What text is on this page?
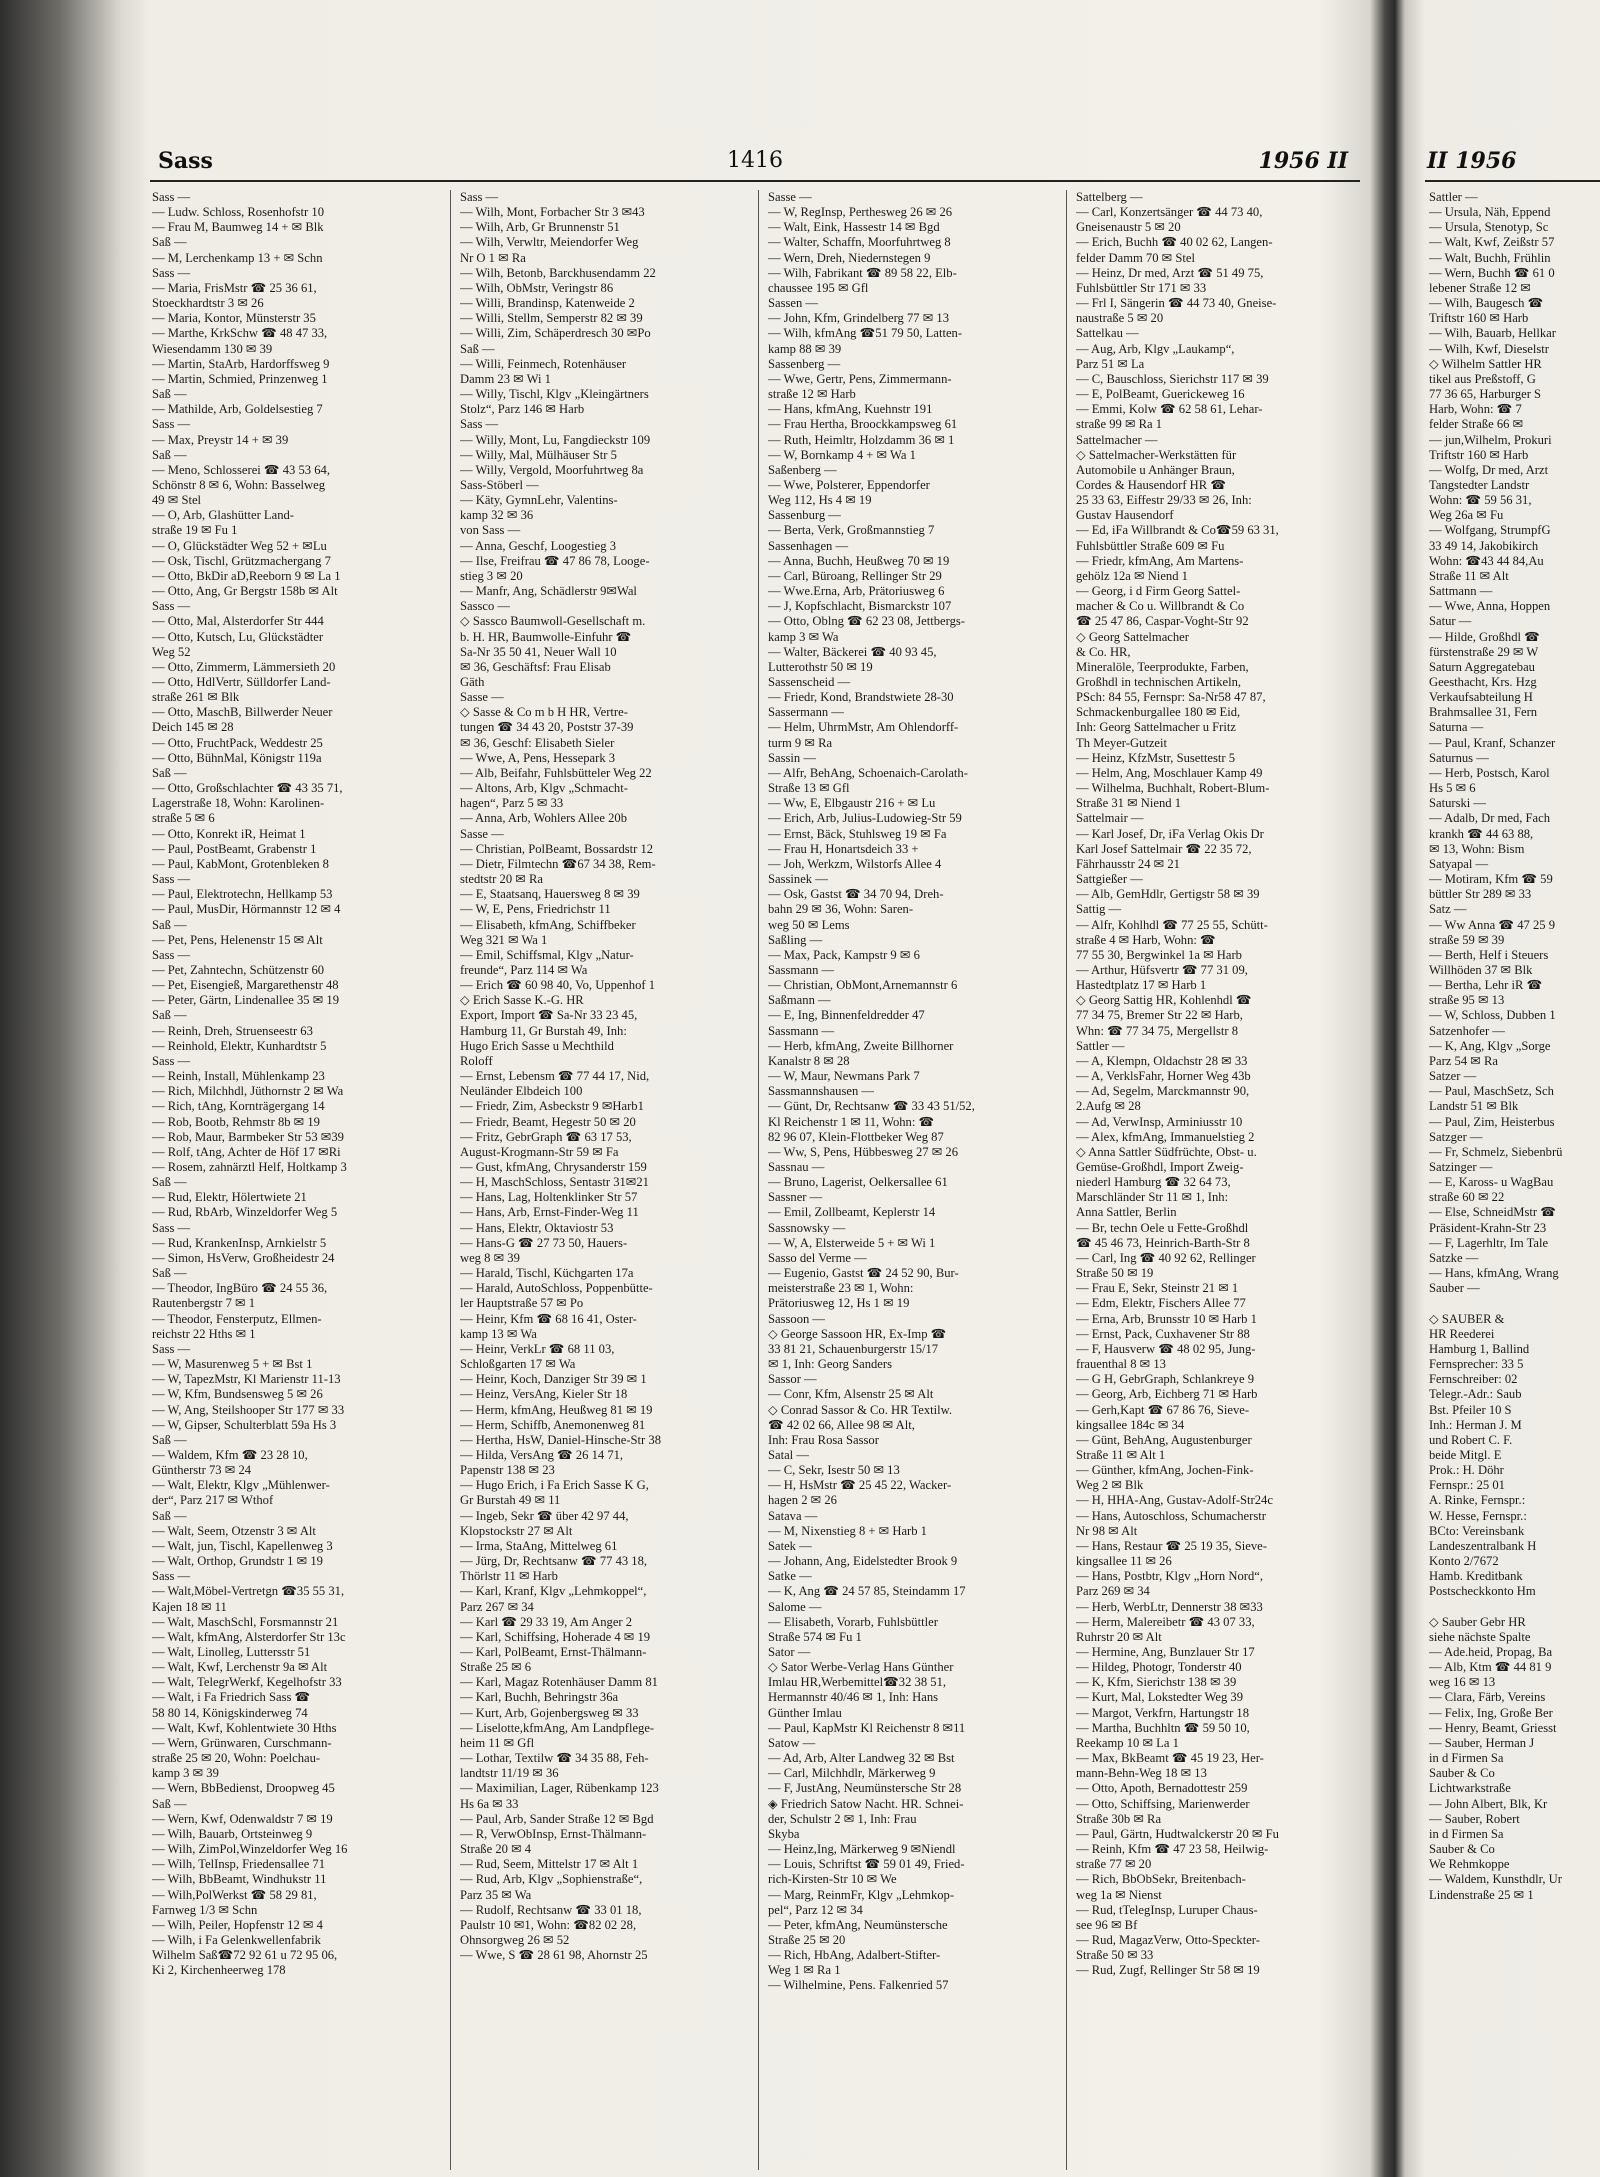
Sass	1416	1956 II
Sass —
— Ludw. Schloss, Rosenhofstr 10
— Frau M, Baumweg 14 + ✉ Blk
Saß —
— M, Lerchenkamp 13 + ✉ Schn
Sass —
— Maria, FrisMstr ☎ 25 36 61,
Stoeckhardtstr 3 ✉ 26
— Maria, Kontor, Münsterstr 35
— Marthe, KrkSchw ☎ 48 47 33,
Wiesendamm 130 ✉ 39
— Martin, StaArb, Hardorffsweg 9
— Martin, Schmied, Prinzenweg 1
Saß —
— Mathilde, Arb, Goldelsestieg 7
Sass —
— Max, Preystr 14 + ✉ 39
Saß —
— Meno, Schlosserei ☎ 43 53 64,
Schönstr 8 ✉ 6, Wohn: Basselweg
49 ✉ Stel
— O, Arb, Glashütter Land-
straße 19 ✉ Fu 1
— O, Glückstädter Weg 52 + ✉Lu
— Osk, Tischl, Grützmachergang 7
— Otto, BkDir aD,Reeborn 9 ✉ La 1
— Otto, Ang, Gr Bergstr 158b ✉ Alt
Sass —
— Otto, Mal, Alsterdorfer Str 444
— Otto, Kutsch, Lu, Glückstädter
Weg 52
— Otto, Zimmerm, Lämmersieth 20
— Otto, HdlVertr, Sülldorfer Land-
straße 261 ✉ Blk
— Otto, MaschB, Billwerder Neuer
Deich 145 ✉ 28
— Otto, FruchtPack, Weddestr 25
— Otto, BühnMal, Königstr 119a
Saß —
— Otto, Großschlachter ☎ 43 35 71,
Lagerstraße 18, Wohn: Karolinen-
straße 5 ✉ 6
— Otto, Konrekt iR, Heimat 1
— Paul, PostBeamt, Grabenstr 1
— Paul, KabMont, Grotenbleken 8
Sass —
— Paul, Elektrotechn, Hellkamp 53
— Paul, MusDir, Hörmannstr 12 ✉ 4
Saß —
— Pet, Pens, Helenenstr 15 ✉ Alt
Sass —
— Pet, Zahntechn, Schützenstr 60
— Pet, Eisengieß, Margarethenstr 48
— Peter, Gärtn, Lindenallee 35 ✉ 19
Saß —
— Reinh, Dreh, Struenseestr 63
— Reinhold, Elektr, Kunhardtstr 5
Sass —
— Reinh, Install, Mühlenkamp 23
— Rich, Milchhdl, Jüthornstr 2 ✉ Wa
— Rich, tAng, Kornträgergang 14
— Rob, Bootb, Rehmstr 8b ✉ 19
— Rob, Maur, Barmbeker Str 53 ✉39
— Rolf, tAng, Achter de Höf 17 ✉Ri
— Rosem, zahnärztl Helf, Holtkamp 3
Saß —
— Rud, Elektr, Hölertwiete 21
— Rud, RbArb, Winzeldorfer Weg 5
Sass —
— Rud, KrankenInsp, Arnkielstr 5
— Simon, HsVerw, Großheidestr 24
Saß —
— Theodor, IngBüro ☎ 24 55 36,
Rautenbergstr 7 ✉ 1
— Theodor, Fensterputz, Ellmen-
reichstr 22 Hths ✉ 1
Sass —
— W, Masurenweg 5 + ✉ Bst 1
— W, TapezMstr, Kl Marienstr 11-13
— W, Kfm, Bundsensweg 5 ✉ 26
— W, Ang, Steilshooper Str 177 ✉ 33
— W, Gipser, Schulterblatt 59a Hs 3
Saß —
— Waldem, Kfm ☎ 23 28 10,
Güntherstr 73 ✉ 24
— Walt, Elektr, Klgv „Mühlenwer-
der“, Parz 217 ✉ Wthof
Saß —
— Walt, Seem, Otzenstr 3 ✉ Alt
— Walt, jun, Tischl, Kapellenweg 3
— Walt, Orthop, Grundstr 1 ✉ 19
Sass —
— Walt,Möbel-Vertretgn ☎35 55 31,
Kajen 18 ✉ 11
— Walt, MaschSchl, Forsmannstr 21
— Walt, kfmAng, Alsterdorfer Str 13c
— Walt, Linolleg, Luttersstr 51
— Walt, Kwf, Lerchenstr 9a ✉ Alt
— Walt, TelegrWerkf, Kegelhofstr 33
— Walt, i Fa Friedrich Sass ☎
58 80 14, Königskinderweg 74
— Walt, Kwf, Kohlentwiete 30 Hths
— Wern, Grünwaren, Curschmann-
straße 25 ✉ 20, Wohn: Poelchau-
kamp 3 ✉ 39
— Wern, BbBedienst, Droopweg 45
Saß —
— Wern, Kwf, Odenwaldstr 7 ✉ 19
— Wilh, Bauarb, Ortsteinweg 9
— Wilh, ZimPol,Winzeldorfer Weg 16
— Wilh, TelInsp, Friedensallee 71
— Wilh, BbBeamt, Windhukstr 11
— Wilh,PolWerkst ☎ 58 29 81,
Farnweg 1/3 ✉ Schn
— Wilh, Peiler, Hopfenstr 12 ✉ 4
— Wilh, i Fa Gelenkwellenfabrik
Wilhelm Saß☎72 92 61 u 72 95 06,
Ki 2, Kirchenheerweg 178
Sass —
— Wilh, Mont, Forbacher Str 3 ✉43
— Wilh, Arb, Gr Brunnenstr 51
— Wilh, Verwltr, Meiendorfer Weg
Nr O 1 ✉ Ra
— Wilh, Betonb, Barckhusendamm 22
— Wilh, ObMstr, Veringstr 86
— Willi, Brandinsp, Katenweide 2
— Willi, Stellm, Semperstr 82 ✉ 39
— Willi, Zim, Schäperdresch 30 ✉Po
Saß —
— Willi, Feinmech, Rotenhäuser
Damm 23 ✉ Wi 1
— Willy, Tischl, Klgv „Kleingärtners
Stolz“, Parz 146 ✉ Harb
Sass —
— Willy, Mont, Lu, Fangdieckstr 109
— Willy, Mal, Mülhäuser Str 5
— Willy, Vergold, Moorfuhrtweg 8a
Sass-Stöberl —
— Käty, GymnLehr, Valentins-
kamp 32 ✉ 36
von Sass —
— Anna, Geschf, Loogestieg 3
— Ilse, Freifrau ☎ 47 86 78, Looge-
stieg 3 ✉ 20
— Manfr, Ang, Schädlerstr 9✉Wal
Sassco —
◇ Sassco Baumwoll-Gesellschaft m.
b. H. HR, Baumwolle-Einfuhr ☎
Sa-Nr 35 50 41, Neuer Wall 10
✉ 36, Geschäftsf: Frau Elisab
Gäth
Sasse —
◇ Sasse & Co m b H HR, Vertre-
tungen ☎ 34 43 20, Poststr 37-39
✉ 36, Geschf: Elisabeth Sieler
— Wwe, A, Pens, Hessepark 3
— Alb, Beifahr, Fuhlsbütteler Weg 22
— Altons, Arb, Klgv „Schmacht-
hagen“, Parz 5 ✉ 33
— Anna, Arb, Wohlers Allee 20b
Sasse —
— Christian, PolBeamt, Bossardstr 12
— Dietr, Filmtechn ☎67 34 38, Rem-
stedtstr 20 ✉ Ra
— E, Staatsanq, Hauersweg 8 ✉ 39
— W, E, Pens, Friedrichstr 11
— Elisabeth, kfmAng, Schiffbeker
Weg 321 ✉ Wa 1
— Emil, Schiffsmal, Klgv „Natur-
freunde“, Parz 114 ✉ Wa
— Erich ☎ 60 98 40, Vo, Uppenhof 1
◇ Erich Sasse K.-G. HR
Export, Import ☎ Sa-Nr 33 23 45,
Hamburg 11, Gr Burstah 49, Inh:
Hugo Erich Sasse u Mechthild
Roloff
— Ernst, Lebensm ☎ 77 44 17, Nid,
Neuländer Elbdeich 100
— Friedr, Zim, Asbeckstr 9 ✉Harb1
— Friedr, Beamt, Hegestr 50 ✉ 20
— Fritz, GebrGraph ☎ 63 17 53,
August-Krogmann-Str 59 ✉ Fa
— Gust, kfmAng, Chrysanderstr 159
— H, MaschSchloss, Sentastr 31✉21
— Hans, Lag, Holtenklinker Str 57
— Hans, Arb, Ernst-Finder-Weg 11
— Hans, Elektr, Oktaviostr 53
— Hans-G ☎ 27 73 50, Hauers-
weg 8 ✉ 39
— Harald, Tischl, Küchgarten 17a
— Harald, AutoSchloss, Poppenbütte-
ler Hauptstraße 57 ✉ Po
— Heinr, Kfm ☎ 68 16 41, Oster-
kamp 13 ✉ Wa
— Heinr, VerkLr ☎ 68 11 03,
Schloßgarten 17 ✉ Wa
— Heinr, Koch, Danziger Str 39 ✉ 1
— Heinz, VersAng, Kieler Str 18
— Herm, kfmAng, Heußweg 81 ✉ 19
— Herm, Schiffb, Anemonenweg 81
— Hertha, HsW, Daniel-Hinsche-Str 38
— Hilda, VersAng ☎ 26 14 71,
Papenstr 138 ✉ 23
— Hugo Erich, i Fa Erich Sasse K G,
Gr Burstah 49 ✉ 11
— Ingeb, Sekr ☎ über 42 97 44,
Klopstockstr 27 ✉ Alt
— Irma, StaAng, Mittelweg 61
— Jürg, Dr, Rechtsanw ☎ 77 43 18,
Thörlstr 11 ✉ Harb
— Karl, Kranf, Klgv „Lehmkoppel“,
Parz 267 ✉ 34
— Karl ☎ 29 33 19, Am Anger 2
— Karl, Schiffsing, Hoherade 4 ✉ 19
— Karl, PolBeamt, Ernst-Thälmann-
Straße 25 ✉ 6
— Karl, Magaz Rotenhäuser Damm 81
— Karl, Buchh, Behringstr 36a
— Kurt, Arb, Gojenbergsweg ✉ 33
— Liselotte,kfmAng, Am Landpflege-
heim 11 ✉ Gfl
— Lothar, Textilw ☎ 34 35 88, Feh-
landtstr 11/19 ✉ 36
— Maximilian, Lager, Rübenkamp 123
Hs 6a ✉ 33
— Paul, Arb, Sander Straße 12 ✉ Bgd
— R, VerwObInsp, Ernst-Thälmann-
Straße 20 ✉ 4
— Rud, Seem, Mittelstr 17 ✉ Alt 1
— Rud, Arb, Klgv „Sophienstraße“,
Parz 35 ✉ Wa
— Rudolf, Rechtsanw ☎ 33 01 18,
Paulstr 10 ✉1, Wohn: ☎82 02 28,
Ohnsorgweg 26 ✉ 52
— Wwe, S ☎ 28 61 98, Ahornstr 25
Sasse —
— W, RegInsp, Perthesweg 26 ✉ 26
— Walt, Eink, Hassestr 14 ✉ Bgd
— Walter, Schaffn, Moorfuhrtweg 8
— Wern, Dreh, Niedernstegen 9
— Wilh, Fabrikant ☎ 89 58 22, Elb-
chaussee 195 ✉ Gfl
Sassen —
— John, Kfm, Grindelberg 77 ✉ 13
— Wilh, kfmAng ☎51 79 50, Latten-
kamp 88 ✉ 39
Sassenberg —
— Wwe, Gertr, Pens, Zimmermann-
straße 12 ✉ Harb
— Hans, kfmAng, Kuehnstr 191
— Frau Hertha, Broockkampsweg 61
— Ruth, Heimltr, Holzdamm 36 ✉ 1
— W, Bornkamp 4 + ✉ Wa 1
Saßenberg —
— Wwe, Polsterer, Eppendorfer
Weg 112, Hs 4 ✉ 19
Sassenburg —
— Berta, Verk, Großmannstieg 7
Sassenhagen —
— Anna, Buchh, Heußweg 70 ✉ 19
— Carl, Büroang, Rellinger Str 29
— Wwe.Erna, Arb, Prätoriusweg 6
— J, Kopfschlacht, Bismarckstr 107
— Otto, Oblng ☎ 62 23 08, Jettbergs-
kamp 3 ✉ Wa
— Walter, Bäckerei ☎ 40 93 45,
Lutterothstr 50 ✉ 19
Sassenscheid —
— Friedr, Kond, Brandstwiete 28-30
Sassermann —
— Helm, UhrmMstr, Am Ohlendorff-
turm 9 ✉ Ra
Sassin —
— Alfr, BehAng, Schoenaich-Carolath-
Straße 13 ✉ Gfl
— Ww, E, Elbgaustr 216 + ✉ Lu
— Erich, Arb, Julius-Ludowieg-Str 59
— Ernst, Bäck, Stuhlsweg 19 ✉ Fa
— Frau H, Honartsdeich 33 +
— Joh, Werkzm, Wilstorfs Allee 4
Sassinek —
— Osk, Gastst ☎ 34 70 94, Dreh-
bahn 29 ✉ 36, Wohn: Saren-
weg 50 ✉ Lems
Saßling —
— Max, Pack, Kampstr 9 ✉ 6
Sassmann —
— Christian, ObMont,Arnemannstr 6
Saßmann —
— E, Ing, Binnenfeldredder 47
Sassmann —
— Herb, kfmAng, Zweite Billhorner
Kanalstr 8 ✉ 28
— W, Maur, Newmans Park 7
Sassmannshausen —
— Günt, Dr, Rechtsanw ☎ 33 43 51/52,
Kl Reichenstr 1 ✉ 11, Wohn: ☎
82 96 07, Klein-Flottbeker Weg 87
— Ww, S, Pens, Hübbesweg 27 ✉ 26
Sassnau —
— Bruno, Lagerist, Oelkersallee 61
Sassner —
— Emil, Zollbeamt, Keplerstr 14
Sassnowsky —
— W, A, Elsterweide 5 + ✉ Wi 1
Sasso del Verme —
— Eugenio, Gastst ☎ 24 52 90, Bur-
meisterstraße 23 ✉ 1, Wohn:
Prätoriusweg 12, Hs 1 ✉ 19
Sassoon —
◇ George Sassoon HR, Ex-Imp ☎
33 81 21, Schauenburgerstr 15/17
✉ 1, Inh: Georg Sanders
Sassor —
— Conr, Kfm, Alsenstr 25 ✉ Alt
◇ Conrad Sassor & Co. HR Textilw.
☎ 42 02 66, Allee 98 ✉ Alt,
Inh: Frau Rosa Sassor
Satal —
— C, Sekr, Isestr 50 ✉ 13
— H, HsMstr ☎ 25 45 22, Wacker-
hagen 2 ✉ 26
Satava —
— M, Nixenstieg 8 + ✉ Harb 1
Satek —
— Johann, Ang, Eidelstedter Brook 9
Satke —
— K, Ang ☎ 24 57 85, Steindamm 17
Salome —
— Elisabeth, Vorarb, Fuhlsbüttler
Straße 574 ✉ Fu 1
Sator —
◇ Sator Werbe-Verlag Hans Günther
Imlau HR,Werbemittel☎32 38 51,
Hermannstr 40/46 ✉ 1, Inh: Hans
Günther Imlau
— Paul, KapMstr Kl Reichenstr 8 ✉11
Satow —
— Ad, Arb, Alter Landweg 32 ✉ Bst
— Carl, Milchhdlr, Märkerweg 9
— F, JustAng, Neumünstersche Str 28
◈ Friedrich Satow Nacht. HR. Schnei-
der, Schulstr 2 ✉ 1, Inh: Frau
Skyba
— Heinz,Ing, Märkerweg 9 ✉Niendl
— Louis, Schriftst ☎ 59 01 49, Fried-
rich-Kirsten-Str 10 ✉ We
— Marg, ReinmFr, Klgv „Lehmkop-
pel“, Parz 12 ✉ 34
— Peter, kfmAng, Neumünstersche
Straße 25 ✉ 20
— Rich, HbAng, Adalbert-Stifter-
Weg 1 ✉ Ra 1
— Wilhelmine, Pens. Falkenried 57
Sattelberg —
— Carl, Konzertsänger ☎ 44 73 40,
Gneisenaustr 5 ✉ 20
— Erich, Buchh ☎ 40 02 62, Langen-
felder Damm 70 ✉ Stel
— Heinz, Dr med, Arzt ☎ 51 49 75,
Fuhlsbüttler Str 171 ✉ 33
— Frl I, Sängerin ☎ 44 73 40, Gneise-
naustraße 5 ✉ 20
Sattelkau —
— Aug, Arb, Klgv „Laukamp“,
Parz 51 ✉ La
— C, Bauschloss, Sierichstr 117 ✉ 39
— E, PolBeamt, Guerickeweg 16
— Emmi, Kolw ☎ 62 58 61, Lehar-
straße 99 ✉ Ra 1
Sattelmacher —
◇ Sattelmacher-Werkstätten für
Automobile u Anhänger Braun,
Cordes & Hausendorf HR ☎
25 33 63, Eiffestr 29/33 ✉ 26, Inh:
Gustav Hausendorf
— Ed, iFa Willbrandt & Co☎59 63 31,
Fuhlsbüttler Straße 609 ✉ Fu
— Friedr, kfmAng, Am Martens-
gehölz 12a ✉ Niend 1
— Georg, i d Firm Georg Sattel-
macher & Co u. Willbrandt & Co
☎ 25 47 86, Caspar-Voght-Str 92
◇ Georg Sattelmacher
& Co. HR,
Mineralöle, Teerprodukte, Farben,
Großhdl in technischen Artikeln,
PSch: 84 55, Fernspr: Sa-Nr58 47 87,
Schmackenburgallee 180 ✉ Eid,
Inh: Georg Sattelmacher u Fritz
Th Meyer-Gutzeit
— Heinz, KfzMstr, Susettestr 5
— Helm, Ang, Moschlauer Kamp 49
— Wilhelma, Buchhalt, Robert-Blum-
Straße 31 ✉ Niend 1
Sattelmair —
— Karl Josef, Dr, iFa Verlag Okis Dr
Karl Josef Sattelmair ☎ 22 35 72,
Fährhausstr 24 ✉ 21
Sattgießer —
— Alb, GemHdlr, Gertigstr 58 ✉ 39
Sattig —
— Alfr, Kohlhdl ☎ 77 25 55, Schütt-
straße 4 ✉ Harb, Wohn: ☎
77 55 30, Bergwinkel 1a ✉ Harb
— Arthur, Hüfsvertr ☎ 77 31 09,
Hastedtplatz 17 ✉ Harb 1
◇ Georg Sattig HR, Kohlenhdl ☎
77 34 75, Bremer Str 22 ✉ Harb,
Whn: ☎ 77 34 75, Mergellstr 8
Sattler —
— A, Klempn, Oldachstr 28 ✉ 33
— A, VerklsFahr, Horner Weg 43b
— Ad, Segelm, Marckmannstr 90,
2.Aufg ✉ 28
— Ad, VerwInsp, Arminiusstr 10
— Alex, kfmAng, Immanuelstieg 2
◇ Anna Sattler Südfrüchte, Obst- u.
Gemüse-Großhdl, Import Zweig-
niederl Hamburg ☎ 32 64 73,
Marschländer Str 11 ✉ 1, Inh:
Anna Sattler, Berlin
— Br, techn Oele u Fette-Großhdl
☎ 45 46 73, Heinrich-Barth-Str 8
— Carl, Ing ☎ 40 92 62, Rellinger
Straße 50 ✉ 19
— Frau E, Sekr, Steinstr 21 ✉ 1
— Edm, Elektr, Fischers Allee 77
— Erna, Arb, Brunsstr 10 ✉ Harb 1
— Ernst, Pack, Cuxhavener Str 88
— F, Hausverw ☎ 48 02 95, Jung-
frauenthal 8 ✉ 13
— G H, GebrGraph, Schlankreye 9
— Georg, Arb, Eichberg 71 ✉ Harb
— Gerh,Kapt ☎ 67 86 76, Sieve-
kingsallee 184c ✉ 34
— Günt, BehAng, Augustenburger
Straße 11 ✉ Alt 1
— Günther, kfmAng, Jochen-Fink-
Weg 2 ✉ Blk
— H, HHA-Ang, Gustav-Adolf-Str24c
— Hans, Autoschloss, Schumacherstr
Nr 98 ✉ Alt
— Hans, Restaur ☎ 25 19 35, Sieve-
kingsallee 11 ✉ 26
— Hans, Postbtr, Klgv „Horn Nord“,
Parz 269 ✉ 34
— Herb, WerbLtr, Dennerstr 38 ✉33
— Herm, Malereibetr ☎ 43 07 33,
Ruhrstr 20 ✉ Alt
— Hermine, Ang, Bunzlauer Str 17
— Hildeg, Photogr, Tonderstr 40
— K, Kfm, Sierichstr 138 ✉ 39
— Kurt, Mal, Lokstedter Weg 39
— Margot, Verkfrn, Hartungstr 18
— Martha, Buchhltn ☎ 59 50 10,
Reekamp 10 ✉ La 1
— Max, BkBeamt ☎ 45 19 23, Her-
mann-Behn-Weg 18 ✉ 13
— Otto, Apoth, Bernadottestr 259
— Otto, Schiffsing, Marienwerder
Straße 30b ✉ Ra
— Paul, Gärtn, Hudtwalckerstr 20 ✉ Fu
— Reinh, Kfm ☎ 47 23 58, Heilwig-
straße 77 ✉ 20
— Rich, BbObSekr, Breitenbach-
weg 1a ✉ Nienst
— Rud, tTelegInsp, Luruper Chaus-
see 96 ✉ Bf
— Rud, MagazVerw, Otto-Speckter-
Straße 50 ✉ 33
— Rud, Zugf, Rellinger Str 58 ✉ 19
II 1956
Sattler —
— Ursula, Näh, Eppend
— Ursula, Stenotyp, Sc
— Walt, Kwf, Zeißstr 57
— Walt, Buchh, Frühlin
— Wern, Buchh ☎ 61 0
lebener Straße 12 ✉
— Wilh, Baugesch ☎
Triftstr 160 ✉ Harb
— Wilh, Bauarb, Hellkar
— Wilh, Kwf, Dieselstr
◇ Wilhelm Sattler HR
tikel aus Preßstoff, G
77 36 65, Harburger S
Harb, Wohn: ☎ 7
felder Straße 66 ✉
— jun,Wilhelm, Prokuri
Triftstr 160 ✉ Harb
— Wolfg, Dr med, Arzt
Tangstedter Landstr
Wohn: ☎ 59 56 31,
Weg 26a ✉ Fu
— Wolfgang, StrumpfG
33 49 14, Jakobikirch
Wohn: ☎43 44 84,Au
Straße 11 ✉ Alt
Sattmann —
— Wwe, Anna, Hoppen
Satur —
— Hilde, Großhdl ☎
fürstenstraße 29 ✉ W
Saturn Aggregatebau
Geesthacht, Krs. Hzg
Verkaufsabteilung H
Brahmsallee 31, Fern
Saturna —
— Paul, Kranf, Schanzer
Saturnus —
— Herb, Postsch, Karol
Hs 5 ✉ 6
Saturski —
— Adalb, Dr med, Fach
krankh ☎ 44 63 88,
✉ 13, Wohn: Bism
Satyapal —
— Motiram, Kfm ☎ 59
büttler Str 289 ✉ 33
Satz —
— Ww Anna ☎ 47 25 9
straße 59 ✉ 39
— Berth, Helf i Steuers
Willhöden 37 ✉ Blk
— Bertha, Lehr iR ☎
straße 95 ✉ 13
— W, Schloss, Dubben 1
Satzenhofer —
— K, Ang, Klgv „Sorge
Parz 54 ✉ Ra
Satzer —
— Paul, MaschSetz, Sch
Landstr 51 ✉ Blk
— Paul, Zim, Heisterbus
Satzger —
— Fr, Schmelz, Siebenbrü
Satzinger —
— E, Kaross- u WagBau
straße 60 ✉ 22
— Else, SchneidMstr ☎
Präsident-Krahn-Str 23
— F, Lagerhltr, Im Tale
Satzke —
— Hans, kfmAng, Wrang
Sauber —

◇ SAUBER &
HR Reederei
Hamburg 1, Ballind
Fernsprecher: 33 5
Fernschreiber: 02
Telegr.-Adr.: Saub
Bst. Pfeiler 10 S
Inh.: Herman J. M
und Robert C. F.
beide Mitgl. E
Prok.: H. Döhr
Fernspr.: 25 01
A. Rinke, Fernspr.:
W. Hesse, Fernspr.:
BCto: Vereinsbank
Landeszentralbank H
Konto 2/7672
Hamb. Kreditbank
Postscheckkonto Hm

◇ Sauber Gebr HR
siehe nächste Spalte
— Ade.heid, Propag, Ba
— Alb, Ktm ☎ 44 81 9
weg 16 ✉ 13
— Clara, Färb, Vereins
— Felix, Ing, Große Ber
— Henry, Beamt, Griesst
— Sauber, Herman J
in d Firmen Sa
Sauber & Co
Lichtwarkstraße
— John Albert, Blk, Kr
— Sauber, Robert
in d Firmen Sa
Sauber & Co
We Rehmkoppe
— Waldem, Kunsthdlr, Ur
Lindenstraße 25 ✉ 1
